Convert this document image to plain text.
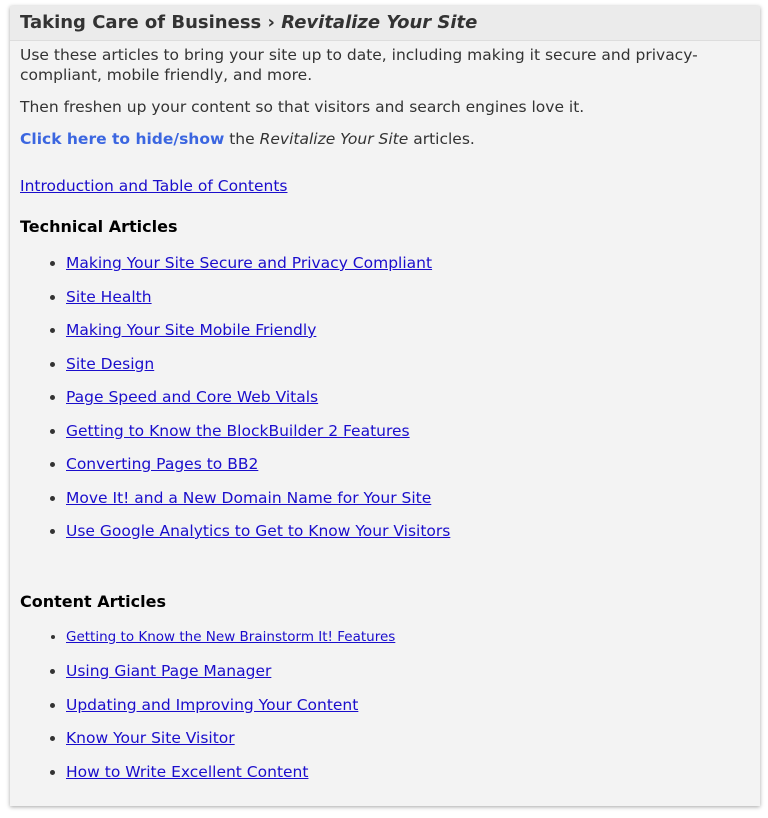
Taking Care of Business › Revitalize Your Site

Use these articles to bring your site up to date, including making it secure and privacy-compliant, mobile friendly, and more.

Then freshen up your content so that visitors and search engines love it.

Click here to hide/show the Revitalize Your Site articles.

Introduction and Table of Contents
Technical Articles
• Making Your Site Secure and Privacy Compliant
• Site Health
• Making Your Site Mobile Friendly
• Site Design
• Page Speed and Core Web Vitals
• Getting to Know the BlockBuilder 2 Features
• Converting Pages to BB2
• Move It! and a New Domain Name for Your Site
• Use Google Analytics to Get to Know Your Visitors
Content Articles
• Getting to Know the New Brainstorm It! Features
• Using Giant Page Manager
• Updating and Improving Your Content
• Know Your Site Visitor
• How to Write Excellent Content
